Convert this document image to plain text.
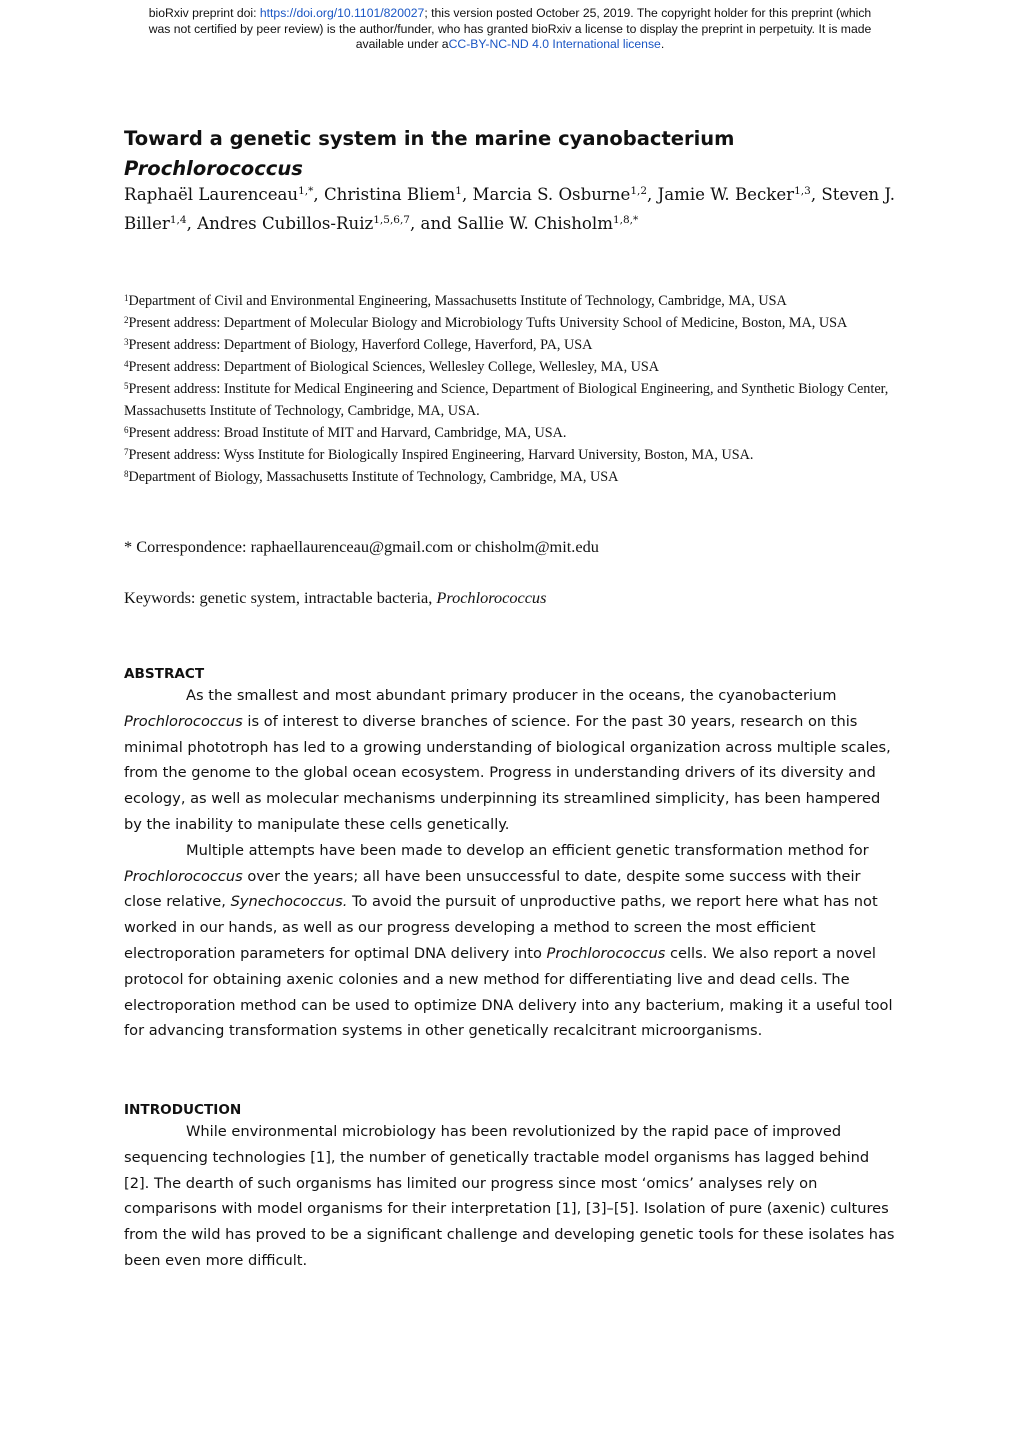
bioRxiv preprint doi: https://doi.org/10.1101/820027; this version posted October 25, 2019. The copyright holder for this preprint (which
was not certified by peer review) is the author/funder, who has granted bioRxiv a license to display the preprint in perpetuity. It is made
available under aCC-BY-NC-ND 4.0 International license.
Toward a genetic system in the marine cyanobacterium Prochlorococcus
Raphaël Laurenceau$^{1,*}$, Christina Bliem$^1$, Marcia S. Osburne$^{1,2}$, Jamie W. Becker$^{1,3}$, Steven J. Biller$^{1,4}$, Andres Cubillos-Ruiz$^{1,5,6,7}$, and Sallie W. Chisholm$^{1,8,*}$

$^1$Department of Civil and Environmental Engineering, Massachusetts Institute of Technology, Cambridge, MA, USA

$^2$Present address: Department of Molecular Biology and Microbiology Tufts University School of Medicine, Boston, MA, USA

$^3$Present address: Department of Biology, Haverford College, Haverford, PA, USA

$^4$Present address: Department of Biological Sciences, Wellesley College, Wellesley, MA, USA

$^5$Present address: Institute for Medical Engineering and Science, Department of Biological Engineering, and Synthetic Biology Center, Massachusetts Institute of Technology, Cambridge, MA, USA.

$^6$Present address: Broad Institute of MIT and Harvard, Cambridge, MA, USA.

$^7$Present address: Wyss Institute for Biologically Inspired Engineering, Harvard University, Boston, MA, USA.

$^8$Department of Biology, Massachusetts Institute of Technology, Cambridge, MA, USA

* Correspondence: raphaellaurenceau@gmail.com or chisholm@mit.edu
Keywords: genetic system, intractable bacteria, Prochlorococcus
ABSTRACT

As the smallest and most abundant primary producer in the oceans, the cyanobacterium Prochlorococcus is of interest to diverse branches of science. For the past 30 years, research on this minimal phototroph has led to a growing understanding of biological organization across multiple scales, from the genome to the global ocean ecosystem. Progress in understanding drivers of its diversity and ecology, as well as molecular mechanisms underpinning its streamlined simplicity, has been hampered by the inability to manipulate these cells genetically.

Multiple attempts have been made to develop an efficient genetic transformation method for Prochlorococcus over the years; all have been unsuccessful to date, despite some success with their close relative, Synechococcus. To avoid the pursuit of unproductive paths, we report here what has not worked in our hands, as well as our progress developing a method to screen the most efficient electroporation parameters for optimal DNA delivery into Prochlorococcus cells. We also report a novel protocol for obtaining axenic colonies and a new method for differentiating live and dead cells. The electroporation method can be used to optimize DNA delivery into any bacterium, making it a useful tool for advancing transformation systems in other genetically recalcitrant microorganisms.

INTRODUCTION

While environmental microbiology has been revolutionized by the rapid pace of improved sequencing technologies [1], the number of genetically tractable model organisms has lagged behind [2]. The dearth of such organisms has limited our progress since most ‘omics’ analyses rely on comparisons with model organisms for their interpretation [1], [3]–[5]. Isolation of pure (axenic) cultures from the wild has proved to be a significant challenge and developing genetic tools for these isolates has been even more difficult.
